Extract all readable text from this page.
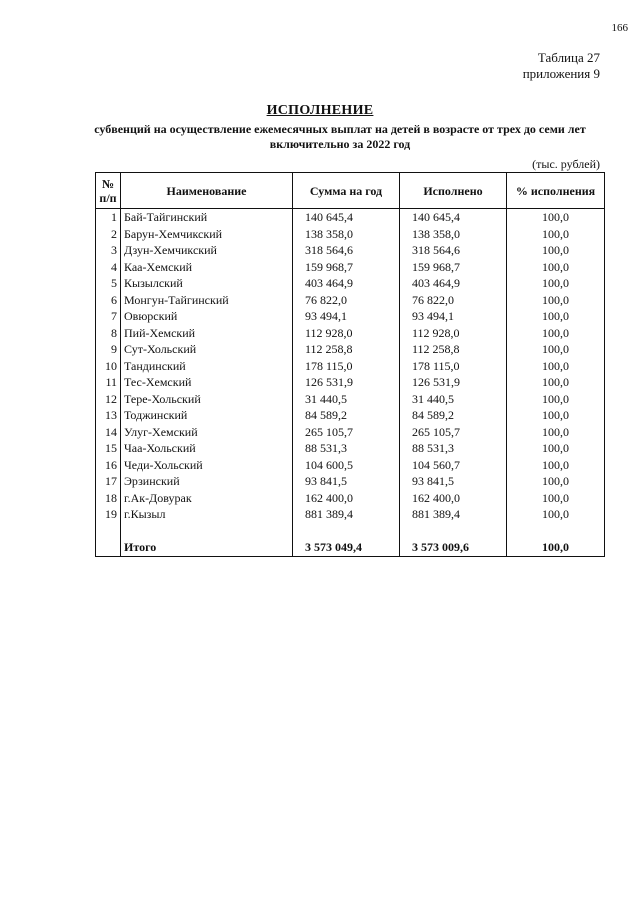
166
Таблица 27
приложения 9
ИСПОЛНЕНИЕ
субвенций на осуществление ежемесячных выплат на детей в возрасте от трех до семи лет
включительно за 2022 год
(тыс. рублей)
№
п/п	Наименование	Сумма на год	Исполнено	% исполнения
1	Бай-Тайгинский	140 645,4	140 645,4	100,0
2	Барун-Хемчикский	138 358,0	138 358,0	100,0
3	Дзун-Хемчикский	318 564,6	318 564,6	100,0
4	Каа-Хемский	159 968,7	159 968,7	100,0
5	Кызылский	403 464,9	403 464,9	100,0
6	Монгун-Тайгинский	76 822,0	76 822,0	100,0
7	Овюрский	93 494,1	93 494,1	100,0
8	Пий-Хемский	112 928,0	112 928,0	100,0
9	Сут-Хольский	112 258,8	112 258,8	100,0
10	Тандинский	178 115,0	178 115,0	100,0
11	Тес-Хемский	126 531,9	126 531,9	100,0
12	Тере-Хольский	31 440,5	31 440,5	100,0
13	Тоджинский	84 589,2	84 589,2	100,0
14	Улуг-Хемский	265 105,7	265 105,7	100,0
15	Чаа-Хольский	88 531,3	88 531,3	100,0
16	Чеди-Хольский	104 600,5	104 560,7	100,0
17	Эрзинский	93 841,5	93 841,5	100,0
18	г.Ак-Довурак	162 400,0	162 400,0	100,0
19	г.Кызыл	881 389,4	881 389,4	100,0

	Итого	3 573 049,4	3 573 009,6	100,0
